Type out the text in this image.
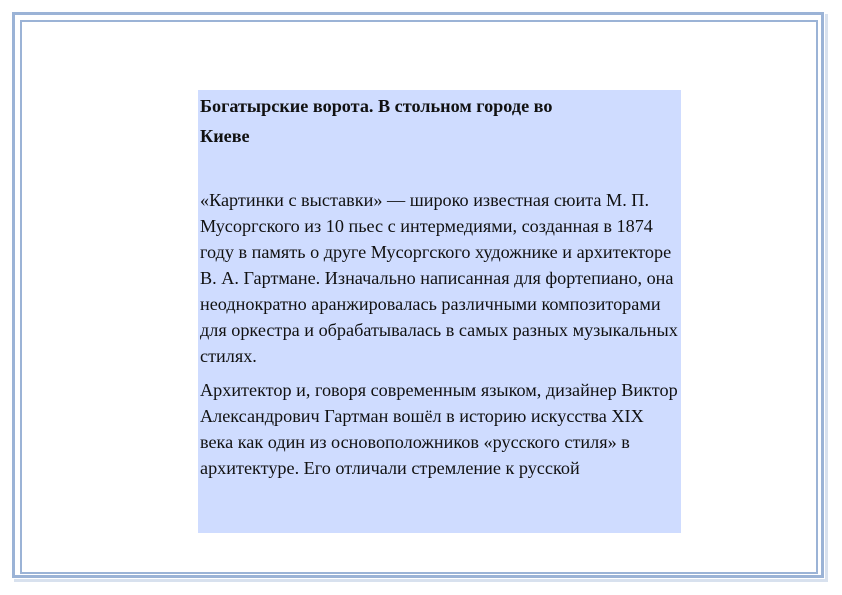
Богатырские ворота. В стольном городе во
Киеве

«Картинки с выставки» — широко известная сюита М. П. Мусоргского из 10 пьес с интермедиями, созданная в 1874 году в память о друге Мусоргского художнике и архитекторе В. А. Гартмане. Изначально написанная для фортепиано, она неоднократно аранжировалась различными композиторами для оркестра и обрабатывалась в самых разных музыкальных стилях.

Архитектор и, говоря современным языком, дизайнер Виктор Александрович Гартман вошёл в историю искусства XIX века как один из основоположников «русского стиля» в архитектуре. Его отличали стремление к русской
